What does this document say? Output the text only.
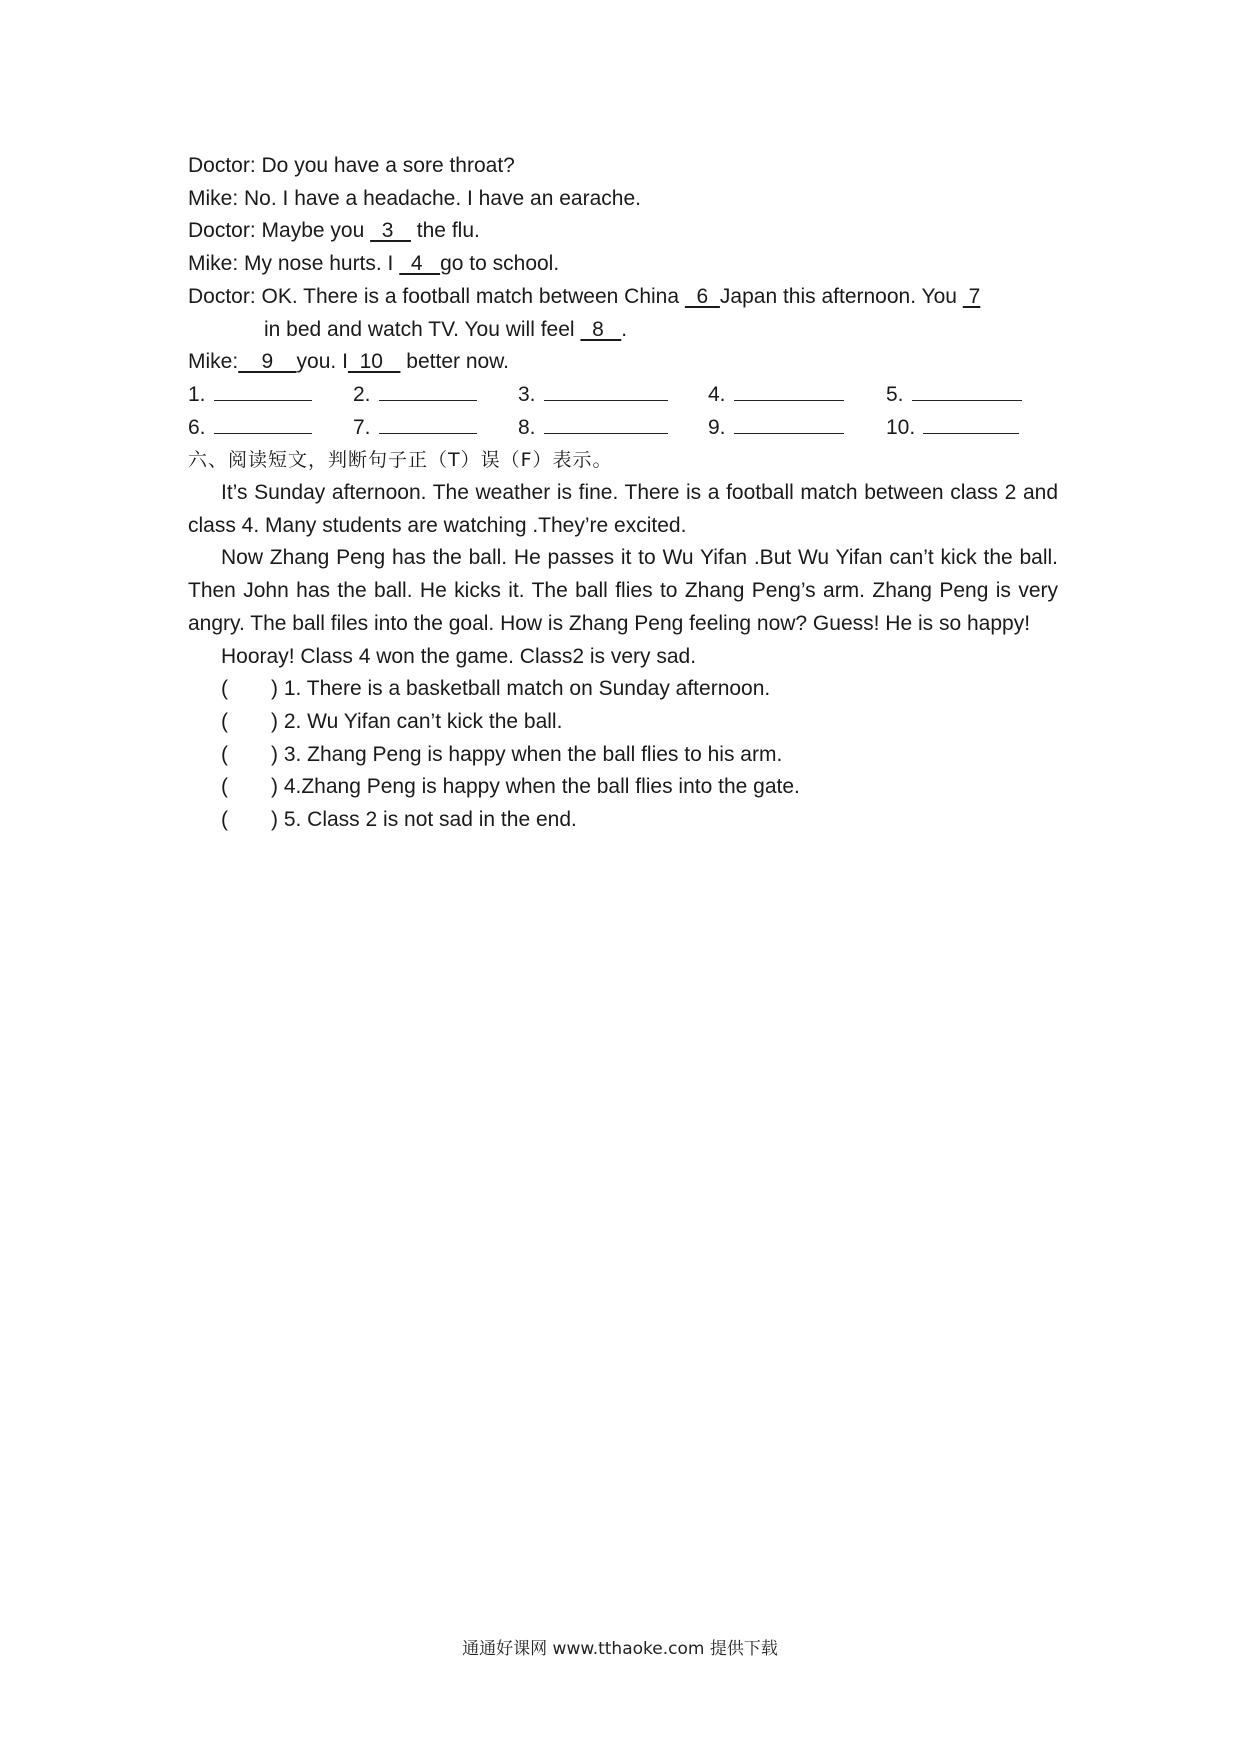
Doctor: Do you have a sore throat?
Mike: No. I have a headache. I have an earache.
Doctor: Maybe you   3    the flu.
Mike: My nose hurts. I   4   go to school.
Doctor: OK. There is a football match between China   6  Japan this afternoon. You  7
in bed and watch TV. You will feel   8   .
Mike:    9    you. I  10    better now.
1.	2.	3.	4.	5.
6.	7.	8.	9.	10.
六、阅读短文，判断句子正（T）误（F）表示。
It’s Sunday afternoon. The weather is fine. There is a football match between class 2 and class 4. Many students are watching .They’re excited.
Now Zhang Peng has the ball. He passes it to Wu Yifan .But Wu Yifan can’t kick the ball. Then John has the ball. He kicks it. The ball flies to Zhang Peng’s arm. Zhang Peng is very angry. The ball files into the goal. How is Zhang Peng feeling now? Guess! He is so happy!
Hooray! Class 4 won the game. Class2 is very sad.
( ) 1. There is a basketball match on Sunday afternoon.
( ) 2. Wu Yifan can’t kick the ball.
( ) 3. Zhang Peng is happy when the ball flies to his arm.
( ) 4.Zhang Peng is happy when the ball flies into the gate.
( ) 5. Class 2 is not sad in the end.
通通好课网 www.tthaoke.com 提供下载
